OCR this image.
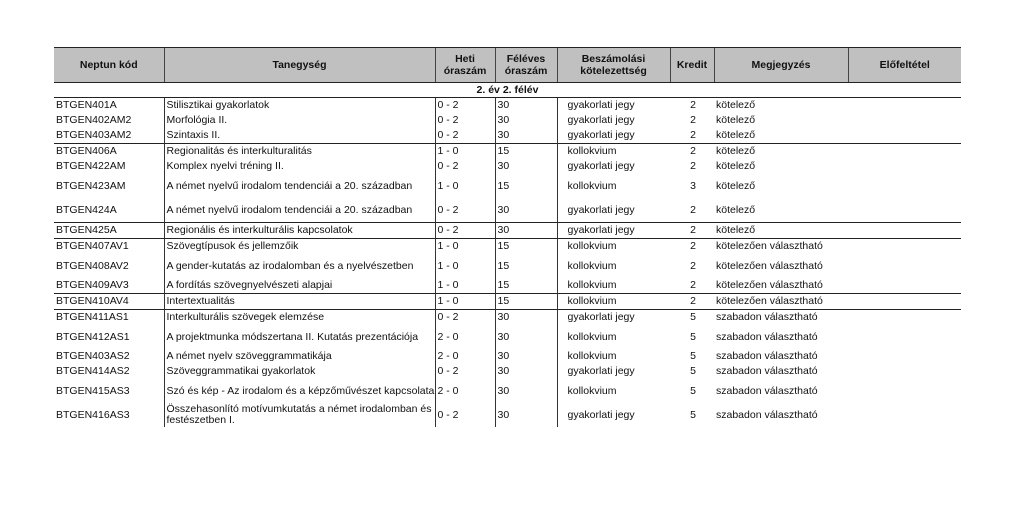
Neptun kód	Tanegység	Heti óraszám	Féléves óraszám	Beszámolási kötelezettség	Kredit	Megjegyzés	Előfeltétel
2. év 2. félév							
BTGEN401A	Stilisztikai gyakorlatok	0 - 2	30	gyakorlati jegy	2	kötelező	
BTGEN402AM2	Morfológia II.	0 - 2	30	gyakorlati jegy	2	kötelező	
BTGEN403AM2	Szintaxis II.	0 - 2	30	gyakorlati jegy	2	kötelező	
BTGEN406A	Regionalitás és interkulturalitás	1 - 0	15	kollokvium	2	kötelező	
BTGEN422AM	Komplex nyelvi tréning II.	0 - 2	30	gyakorlati jegy	2	kötelező	
BTGEN423AM	A német nyelvű irodalom tendenciái a 20. században	1 - 0	15	kollokvium	3	kötelező	
BTGEN424A	A német nyelvű irodalom tendenciái a 20. században	0 - 2	30	gyakorlati jegy	2	kötelező	
BTGEN425A	Regionális és interkulturális kapcsolatok	0 - 2	30	gyakorlati jegy	2	kötelező	
BTGEN407AV1	Szövegtípusok és jellemzőik	1 - 0	15	kollokvium	2	kötelezően választható	
BTGEN408AV2	A gender-kutatás az irodalomban és a nyelvészetben	1 - 0	15	kollokvium	2	kötelezően választható	
BTGEN409AV3	A fordítás szövegnyelvészeti alapjai	1 - 0	15	kollokvium	2	kötelezően választható	
BTGEN410AV4	Intertextualitás	1 - 0	15	kollokvium	2	kötelezően választható	
BTGEN411AS1	Interkulturális szövegek elemzése	0 - 2	30	gyakorlati jegy	5	szabadon választható	
BTGEN412AS1	A projektmunka módszertana II. Kutatás prezentációja	2 - 0	30	kollokvium	5	szabadon választható	
BTGEN403AS2	A német nyelv szöveggrammatikája	2 - 0	30	kollokvium	5	szabadon választható	
BTGEN414AS2	Szöveggrammatikai gyakorlatok	0 - 2	30	gyakorlati jegy	5	szabadon választható	
BTGEN415AS3	Szó és kép - Az irodalom és a képzőművészet kapcsolata	2 - 0	30	kollokvium	5	szabadon választható	
BTGEN416AS3	Összehasonlító motívumkutatás a német irodalomban és festészetben I.	0 - 2	30	gyakorlati jegy	5	szabadon választható	
